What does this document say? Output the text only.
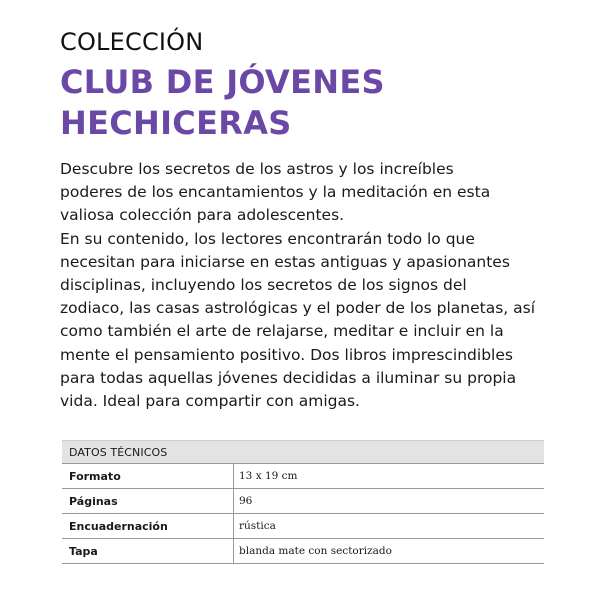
COLECCIÓN
CLUB DE JÓVENES
HECHICERAS
Descubre los secretos de los astros y los increíbles
poderes de los encantamientos y la meditación en esta
valiosa colección para adolescentes.
En su contenido, los lectores encontrarán todo lo que
necesitan para iniciarse en estas antiguas y apasionantes
disciplinas, incluyendo los secretos de los signos del
zodiaco, las casas astrológicas y el poder de los planetas, así
como también el arte de relajarse, meditar e incluir en la
mente el pensamiento positivo. Dos libros imprescindibles
para todas aquellas jóvenes decididas a iluminar su propia
vida. Ideal para compartir con amigas.
DATOS TÉCNICOS	
Formato	13 x 19 cm
Páginas	96
Encuadernación	rústica
Tapa	blanda mate con sectorizado
